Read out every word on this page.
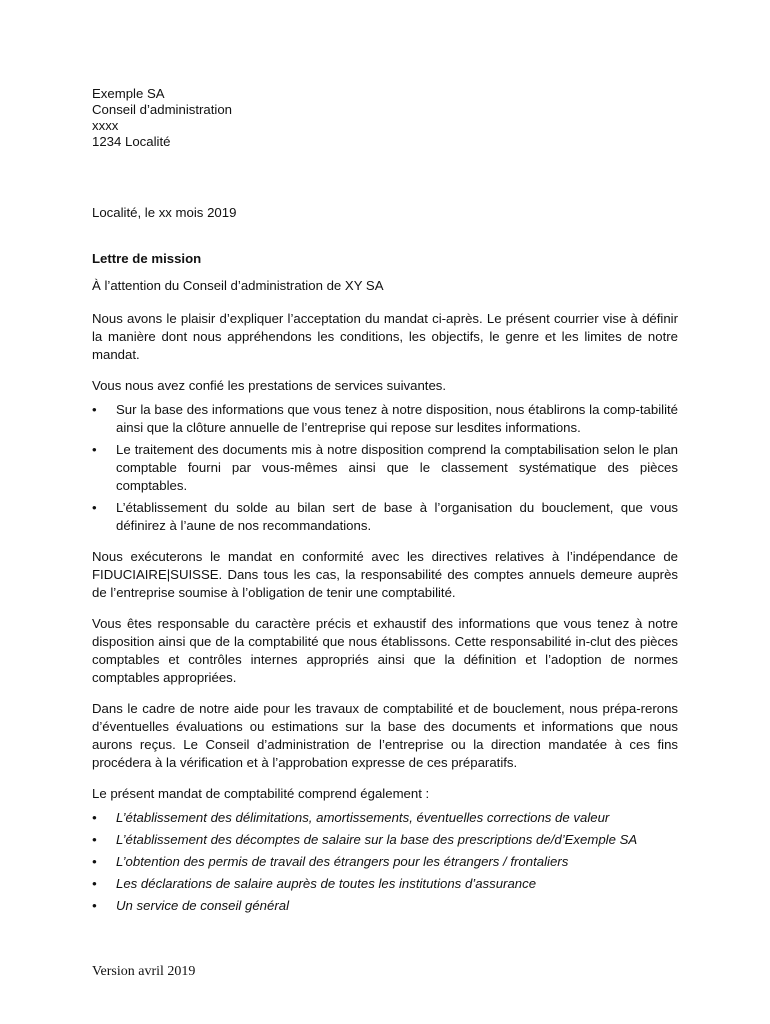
Exemple SA
Conseil d’administration
xxxx
1234 Localité

Localité, le xx mois 2019

Lettre de mission

À l’attention du Conseil d’administration de XY SA

Nous avons le plaisir d’expliquer l’acceptation du mandat ci-après. Le présent courrier vise à définir la manière dont nous appréhendons les conditions, les objectifs, le genre et les limites de notre mandat.

Vous nous avez confié les prestations de services suivantes.

• Sur la base des informations que vous tenez à notre disposition, nous établirons la comp-tabilité ainsi que la clôture annuelle de l’entreprise qui repose sur lesdites informations.
• Le traitement des documents mis à notre disposition comprend la comptabilisation selon le plan comptable fourni par vous-mêmes ainsi que le classement systématique des pièces comptables.
• L’établissement du solde au bilan sert de base à l’organisation du bouclement, que vous définirez à l’aune de nos recommandations.

Nous exécuterons le mandat en conformité avec les directives relatives à l’indépendance de FIDUCIAIRE|SUISSE. Dans tous les cas, la responsabilité des comptes annuels demeure auprès de l’entreprise soumise à l’obligation de tenir une comptabilité.

Vous êtes responsable du caractère précis et exhaustif des informations que vous tenez à notre disposition ainsi que de la comptabilité que nous établissons. Cette responsabilité in-clut des pièces comptables et contrôles internes appropriés ainsi que la définition et l’adoption de normes comptables appropriées.

Dans le cadre de notre aide pour les travaux de comptabilité et de bouclement, nous prépa-rerons d’éventuelles évaluations ou estimations sur la base des documents et informations que nous aurons reçus. Le Conseil d’administration de l’entreprise ou la direction mandatée à ces fins procédera à la vérification et à l’approbation expresse de ces préparatifs.

Le présent mandat de comptabilité comprend également :

• L’établissement des délimitations, amortissements, éventuelles corrections de valeur
• L’établissement des décomptes de salaire sur la base des prescriptions de/d’Exemple SA
• L’obtention des permis de travail des étrangers pour les étrangers / frontaliers
• Les déclarations de salaire auprès de toutes les institutions d’assurance
• Un service de conseil général
Version avril 2019
